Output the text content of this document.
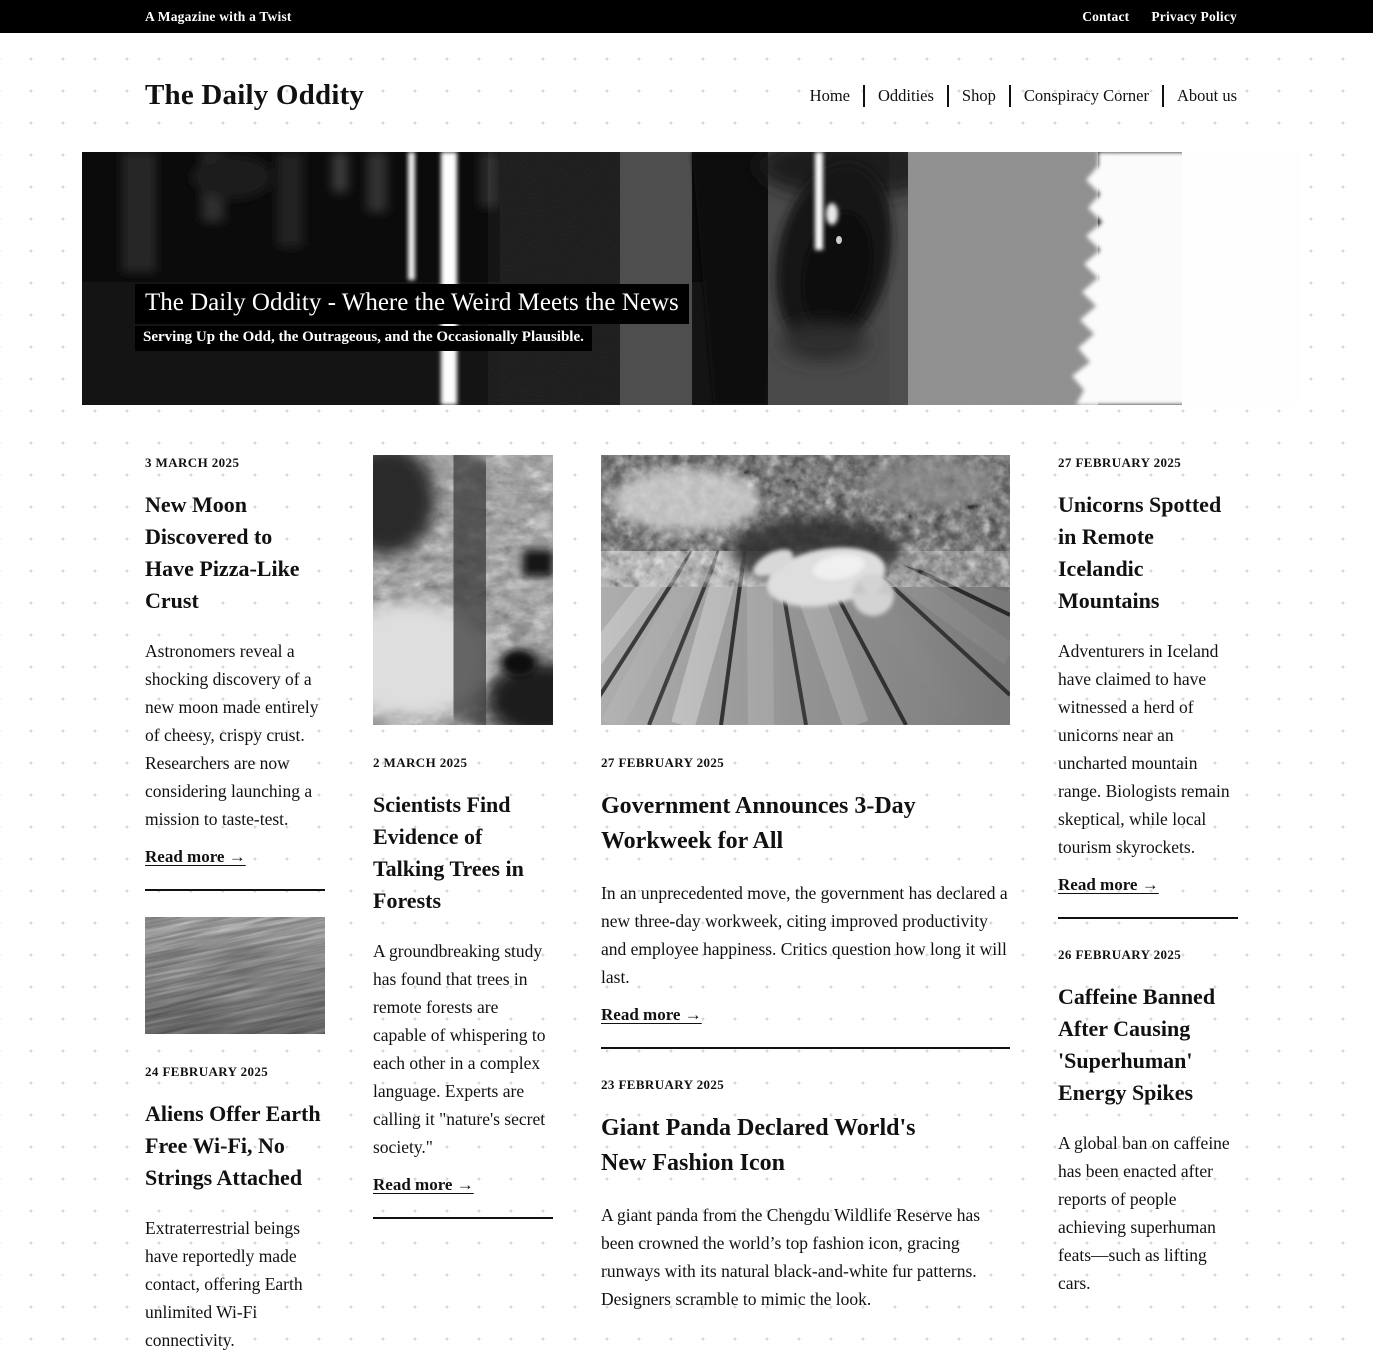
A Magazine with a Twist	Contact Privacy Policy
The Daily Oddity	Home	Oddities	Shop	Conspiracy Corner	About us
The Daily Oddity - Where the Weird Meets the News
Serving Up the Odd, the Outrageous, and the Occasionally Plausible.
3 MARCH 2025
New Moon Discovered to Have Pizza-Like Crust

Astronomers reveal a shocking discovery of a new moon made entirely of cheesy, crispy crust. Researchers are now considering launching a mission to taste-test.

Read more →
24 FEBRUARY 2025
Aliens Offer Earth Free Wi-Fi, No Strings Attached

Extraterrestrial beings have reportedly made contact, offering Earth unlimited Wi-Fi connectivity.

2 MARCH 2025
Scientists Find Evidence of Talking Trees in Forests

A groundbreaking study has found that trees in remote forests are capable of whispering to each other in a complex language. Experts are calling it "nature's secret society."

Read more →
27 FEBRUARY 2025
Government Announces 3-Day Workweek for All

In an unprecedented move, the government has declared a new three-day workweek, citing improved productivity and employee happiness. Critics question how long it will last.

Read more →
23 FEBRUARY 2025
Giant Panda Declared World's New Fashion Icon

A giant panda from the Chengdu Wildlife Reserve has been crowned the world’s top fashion icon, gracing runways with its natural black-and-white fur patterns. Designers scramble to mimic the look.

27 FEBRUARY 2025
Unicorns Spotted in Remote Icelandic Mountains

Adventurers in Iceland have claimed to have witnessed a herd of unicorns near an uncharted mountain range. Biologists remain skeptical, while local tourism skyrockets.

Read more →
26 FEBRUARY 2025
Caffeine Banned After Causing 'Superhuman' Energy Spikes

A global ban on caffeine has been enacted after reports of people achieving superhuman feats—such as lifting cars.
